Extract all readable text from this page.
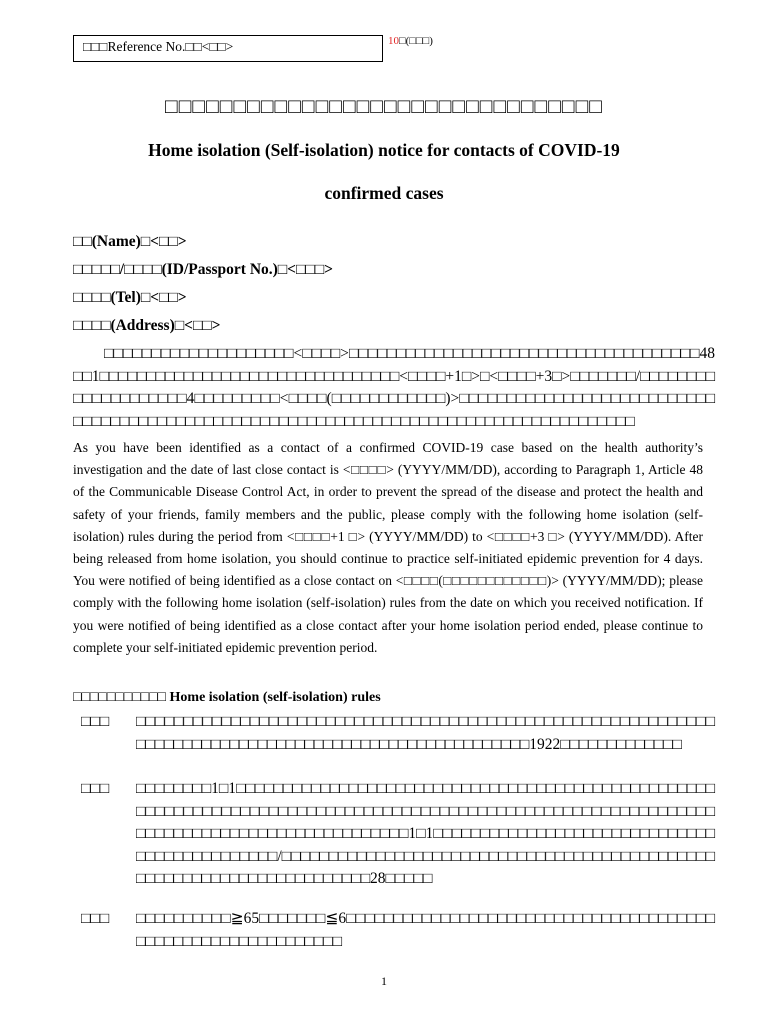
□□□Reference No.□□<□□>	10□(□□□)
□□□□□□□□□□□□□□□□□□□□□□□□□□□□□□□□
Home isolation (Self-isolation) notice for contacts of COVID-19
confirmed cases
□□(Name)□<□□>
□□□□□/□□□□(ID/Passport No.)□<□□□>
□□□□(Tel)□<□□>
□□□□(Address)□<□□>
□□□□□□□□□□□□□□□□□□□□<□□□□>□□□□□□□□□□□□□□□□□□□□□□□□□□□□□□□□□□□□□48□□1□□□□□□□□□□□□□□□□□□□□□□□□□□□□□□□□<□□□□+1□>□<□□□□+3□>□□□□□□□/□□□□□□□□□□□□□□□□□□□□4□□□□□□□□□<□□□□(□□□□□□□□□□□□)>□□□□□□□□□□□□□□□□□□□□□□□□□□□□□□□□□□□□□□□□□□□□□□□□□□□□□□□□□□□□□□□□□□□□□□□□□□□□□□□□□□□□□□□
As you have been identified as a contact of a confirmed COVID-19 case based on the health authority’s investigation and the date of last close contact is <□□□□> (YYYY/MM/DD), according to Paragraph 1, Article 48 of the Communicable Disease Control Act, in order to prevent the spread of the disease and protect the health and safety of your friends, family members and the public, please comply with the following home isolation (self-isolation) rules during the period from <□□□□+1 □> (YYYY/MM/DD) to <□□□□+3 □> (YYYY/MM/DD). After being released from home isolation, you should continue to practice self-initiated epidemic prevention for 4 days. You were notified of being identified as a close contact on <□□□□(□□□□□□□□□□□□)> (YYYY/MM/DD); please comply with the following home isolation (self-isolation) rules from the date on which you received notification. If you were notified of being identified as a close contact after your home isolation period ended, please continue to complete your self-initiated epidemic prevention period.
□□□□□□□□□□□ Home isolation (self-isolation) rules
□□□ □□□□□□□□□□□□□□□□□□□□□□□□□□□□□□□□□□□□□□□□□□□□□□□□□□□□□□□□□□□□□□□□□□□□□□□□□□□□□□□□□□□□□□□□□□□□□□□□□□□□□□□1922□□□□□□□□□□□□□
□□□ □□□□□□□□1□1□□□□□□□□□□□□□□□□□□□□□□□□□□□□□□□□□□□□□□□□□□□□□□□□□□□□□□□□□□□□□□□□□□□□□□□□□□□□□□□□□□□□□□□□□□□□□□□□□□□□□□□□□□□□□□□□□□□□□□□□□□□□□□□□□□□□□□□□□□□□□1□1□□□□□□□□□□□□□□□□□□□□□□□□□□□□□□□□□□□□□□□□□□□□□/□□□□□□□□□□□□□□□□□□□□□□□□□□□□□□□□□□□□□□□□□□□□□□□□□□□□□□□□□□□□□□□□□□□□□□□28□□□□□
□□□ □□□□□□□□□□≧65□□□□□□□≦6□□□□□□□□□□□□□□□□□□□□□□□□□□□□□□□□□□□□□□□□□□□□□□□□□□□□□□□□□□□□□
1
